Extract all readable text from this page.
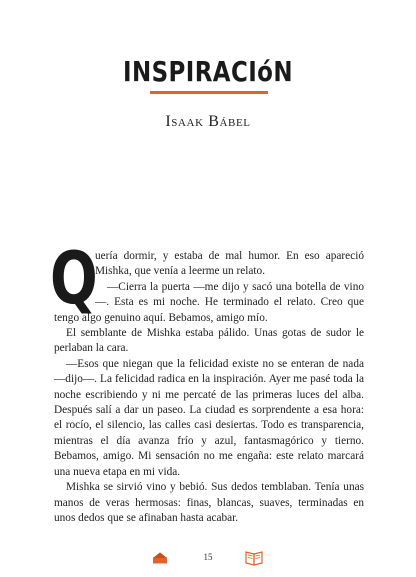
INSPIRACIóN
Isaak Bábel

Q
uería dormir, y estaba de mal humor. En eso apareció Mishka, que venía a leerme un relato.

—Cierra la puerta —me dijo y sacó una botella de vino—. Esta es mi noche. He terminado el relato. Creo que tengo algo genuino aquí. Bebamos, amigo mío.

El semblante de Mishka estaba pálido. Unas gotas de sudor le perlaban la cara.

—Esos que niegan que la felicidad existe no se enteran de nada —dijo—. La felicidad radica en la inspiración. Ayer me pasé toda la noche escribiendo y ni me percaté de las primeras luces del alba. Después salí a dar un paseo. La ciudad es sorprendente a esa hora: el rocío, el silencio, las calles casi desiertas. Todo es transparencia, mientras el día avanza frío y azul, fantasmagórico y tierno. Bebamos, amigo. Mi sensación no me engaña: este relato marcará una nueva etapa en mi vida.

Mishka se sirvió vino y bebió. Sus dedos temblaban. Tenía unas manos de veras hermosas: finas, blancas, suaves, terminadas en unos dedos que se afinaban hasta acabar.

15
